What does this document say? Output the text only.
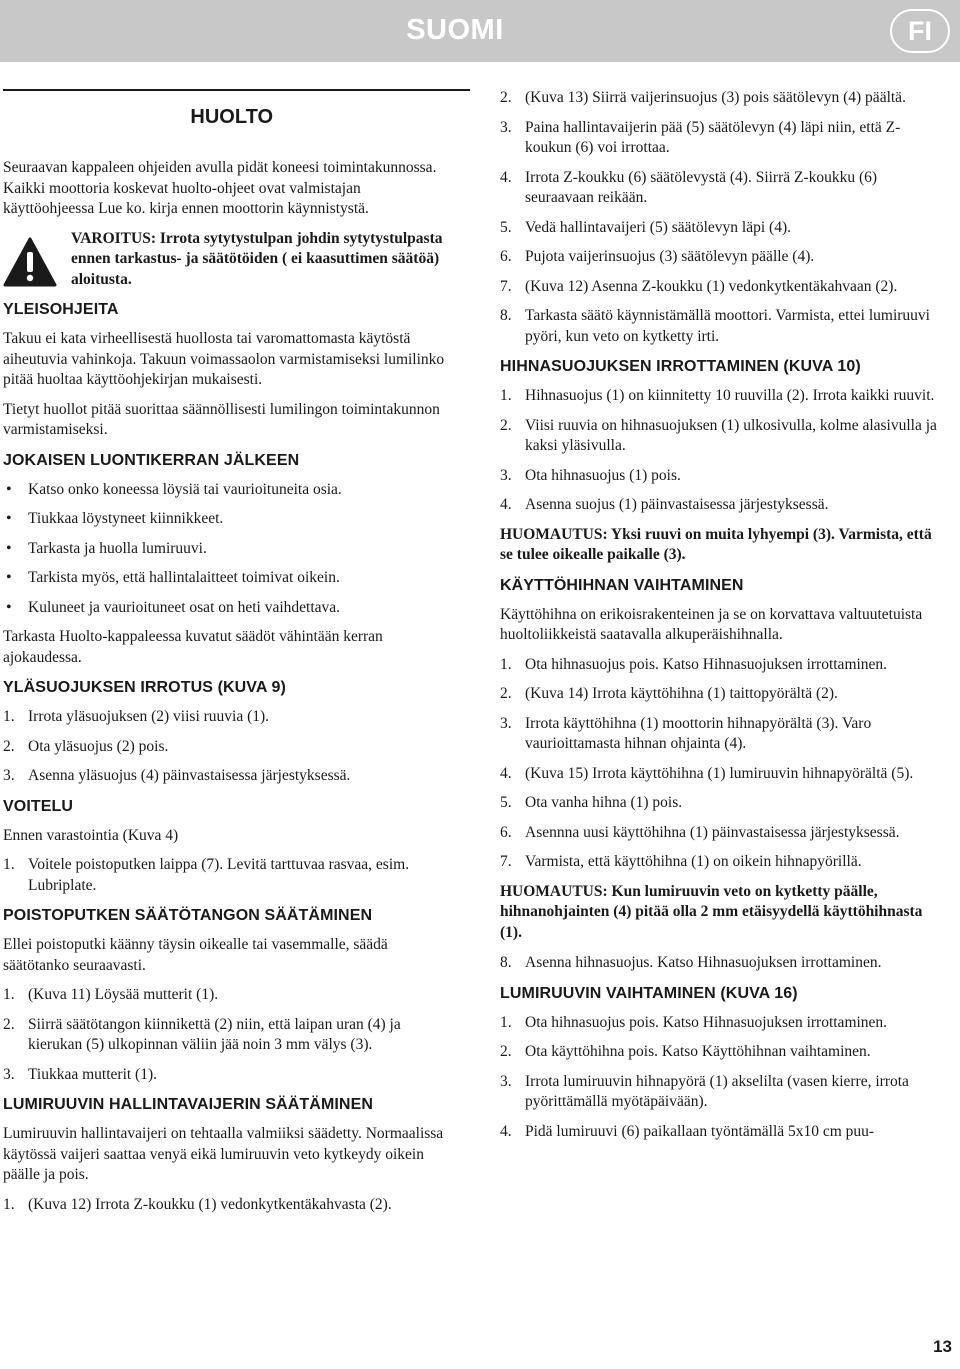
SUOMI	FI
HUOLTO

Seuraavan kappaleen ohjeiden avulla pidät koneesi toimintakunnossa. Kaikki moottoria koskevat huolto-ohjeet ovat valmistajan käyttöohjeessa Lue ko. kirja ennen moottorin käynnistystä.

VAROITUS: Irrota sytytystulpan johdin sytytystulpasta ennen tarkastus- ja säätötöiden ( ei kaasuttimen säätöä) aloitusta.
YLEISOHJEITA

Takuu ei kata virheellisestä huollosta tai varomattomasta käytöstä aiheutuvia vahinkoja. Takuun voimassaolon varmistamiseksi lumilinko pitää huoltaa käyttöohjekirjan mukaisesti.

Tietyt huollot pitää suorittaa säännöllisesti lumilingon toimintakunnon varmistamiseksi.

JOKAISEN LUONTIKERRAN JÄLKEEN
• Katso onko koneessa löysiä tai vaurioituneita osia.
• Tiukkaa löystyneet kiinnikkeet.
• Tarkasta ja huolla lumiruuvi.
• Tarkista myös, että hallintalaitteet toimivat oikein.
• Kuluneet ja vaurioituneet osat on heti vaihdettava.

Tarkasta Huolto-kappaleessa kuvatut säädöt vähintään kerran ajokaudessa.

YLÄSUOJUKSEN IRROTUS (KUVA 9)
1. Irrota yläsuojuksen (2) viisi ruuvia (1).
2. Ota yläsuojus (2) pois.
3. Asenna yläsuojus (4) päinvastaisessa järjestyksessä.
VOITELU

Ennen varastointia (Kuva 4)

1. Voitele poistoputken laippa (7). Levitä tarttuvaa rasvaa, esim. Lubriplate.
POISTOPUTKEN SÄÄTÖTANGON SÄÄTÄMINEN

Ellei poistoputki käänny täysin oikealle tai vasemmalle, säädä säätötanko seuraavasti.

1. (Kuva 11) Löysää mutterit (1).
2. Siirrä säätötangon kiinnikettä (2) niin, että laipan uran (4) ja kierukan (5) ulkopinnan väliin jää noin 3 mm välys (3).
3. Tiukkaa mutterit (1).
LUMIRUUVIN HALLINTAVAIJERIN SÄÄTÄMINEN

Lumiruuvin hallintavaijeri on tehtaalla valmiiksi säädetty. Normaalissa käytössä vaijeri saattaa venyä eikä lumiruuvin veto kytkeydy oikein päälle ja pois.

1. (Kuva 12) Irrota Z-koukku (1) vedonkytkentäkahvasta (2).
2. (Kuva 13) Siirrä vaijerinsuojus (3) pois säätölevyn (4) päältä.
3. Paina hallintavaijerin pää (5) säätölevyn (4) läpi niin, että Z-koukun (6) voi irrottaa.
4. Irrota Z-koukku (6) säätölevystä (4). Siirrä Z-koukku (6) seuraavaan reikään.
5. Vedä hallintavaijeri (5) säätölevyn läpi (4).
6. Pujota vaijerinsuojus (3) säätölevyn päälle (4).
7. (Kuva 12) Asenna Z-koukku (1) vedonkytkentäkahvaan (2).
8. Tarkasta säätö käynnistämällä moottori. Varmista, ettei lumiruuvi pyöri, kun veto on kytketty irti.
HIHNASUOJUKSEN IRROTTAMINEN (KUVA 10)
1. Hihnasuojus (1) on kiinnitetty 10 ruuvilla (2). Irrota kaikki ruuvit.
2. Viisi ruuvia on hihnasuojuksen (1) ulkosivulla, kolme alasivulla ja kaksi yläsivulla.
3. Ota hihnasuojus (1) pois.
4. Asenna suojus (1) päinvastaisessa järjestyksessä.

HUOMAUTUS: Yksi ruuvi on muita lyhyempi (3). Varmista, että se tulee oikealle paikalle (3).

KÄYTTÖHIHNAN VAIHTAMINEN

Käyttöhihna on erikoisrakenteinen ja se on korvattava valtuutetuista huoltoliikkeistä saatavalla alkuperäishihnalla.

1. Ota hihnasuojus pois. Katso Hihnasuojuksen irrottaminen.
2. (Kuva 14) Irrota käyttöhihna (1) taittopyörältä (2).
3. Irrota käyttöhihna (1) moottorin hihnapyörältä (3). Varo vaurioittamasta hihnan ohjainta (4).
4. (Kuva 15) Irrota käyttöhihna (1) lumiruuvin hihnapyörältä (5).
5. Ota vanha hihna (1) pois.
6. Asennna uusi käyttöhihna (1) päinvastaisessa järjestyksessä.
7. Varmista, että käyttöhihna (1) on oikein hihnapyörillä.

HUOMAUTUS: Kun lumiruuvin veto on kytketty päälle, hihnanohjainten (4) pitää olla 2 mm etäisyydellä käyttöhihnasta (1).

8. Asenna hihnasuojus. Katso Hihnasuojuksen irrottaminen.
LUMIRUUVIN VAIHTAMINEN (KUVA 16)
1. Ota hihnasuojus pois. Katso Hihnasuojuksen irrottaminen.
2. Ota käyttöhihna pois. Katso Käyttöhihnan vaihtaminen.
3. Irrota lumiruuvin hihnapyörä (1) akselilta (vasen kierre, irrota pyörittämällä myötäpäivään).
4. Pidä lumiruuvi (6) paikallaan työntämällä 5x10 cm puu-
13
